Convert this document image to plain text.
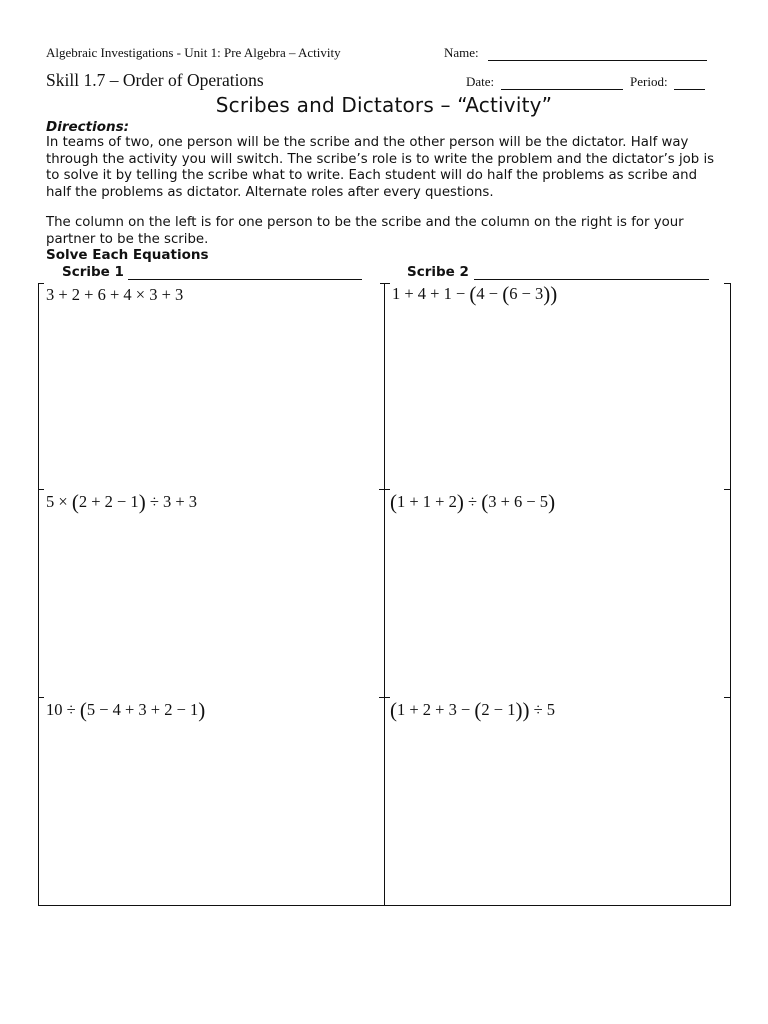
Algebraic Investigations - Unit 1: Pre Algebra – Activity	Name:
Skill 1.7 – Order of Operations	Date:	Period:
Scribes and Dictators – “Activity”
Directions:
In teams of two, one person will be the scribe and the other person will be the dictator. Half way through the activity you will switch. The scribe’s role is to write the problem and the dictator’s job is to solve it by telling the scribe what to write. Each student will do half the problems as scribe and half the problems as dictator. Alternate roles after every questions.
The column on the left is for one person to be the scribe and the column on the right is for your partner to be the scribe.
Solve Each Equations
Scribe 1	Scribe 2
3 + 2 + 6 + 4 × 3 + 3	1 + 4 + 1 − (4 − (6 − 3))
5 × (2 + 2 − 1) ÷ 3 + 3	(1 + 1 + 2) ÷ (3 + 6 − 5)
10 ÷ (5 − 4 + 3 + 2 − 1)	(1 + 2 + 3 − (2 − 1)) ÷ 5
